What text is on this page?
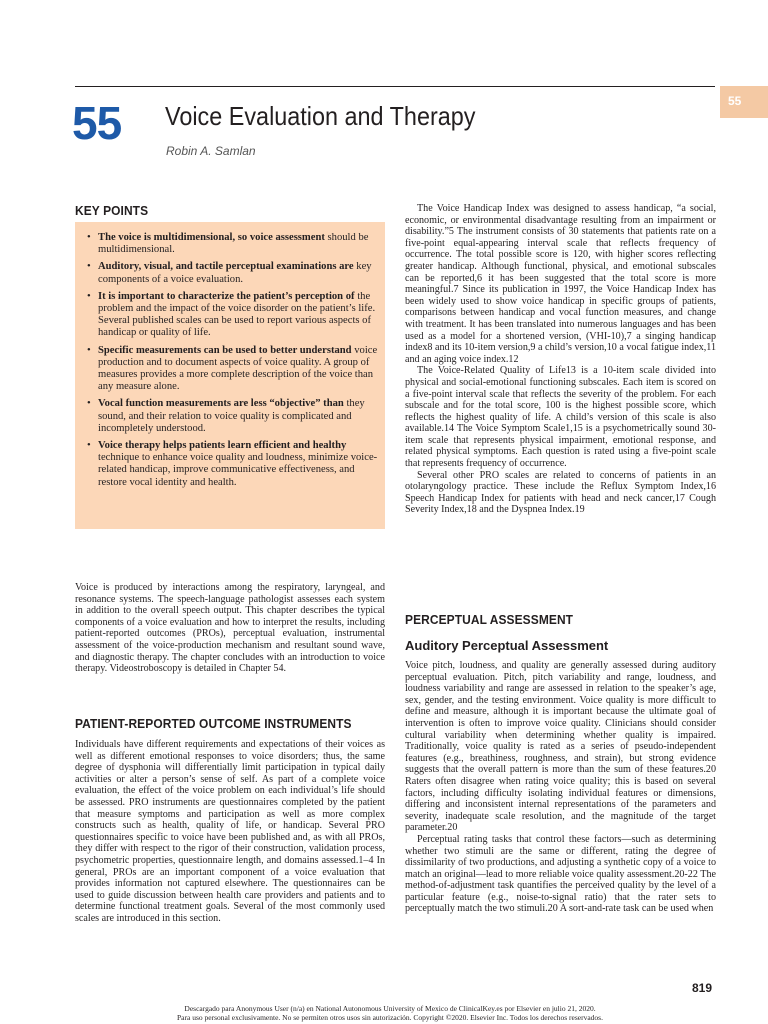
55
55 Voice Evaluation and Therapy
Robin A. Samlan
KEY POINTS
• The voice is multidimensional, so voice assessment should be multidimensional.
• Auditory, visual, and tactile perceptual examinations are key components of a voice evaluation.
• It is important to characterize the patient’s perception of the problem and the impact of the voice disorder on the patient’s life. Several published scales can be used to report various aspects of handicap or quality of life.
• Specific measurements can be used to better understand voice production and to document aspects of voice quality. A group of measures provides a more complete description of the voice than any measure alone.
• Vocal function measurements are less “objective” than they sound, and their relation to voice quality is complicated and incompletely understood.
• Voice therapy helps patients learn efficient and healthy technique to enhance voice quality and loudness, minimize voice-related handicap, improve communicative effectiveness, and restore vocal identity and health.

Voice is produced by interactions among the respiratory, laryngeal, and resonance systems. The speech-language pathologist assesses each system in addition to the overall speech output. This chapter describes the typical components of a voice evaluation and how to interpret the results, including patient-reported outcomes (PROs), perceptual evaluation, instrumental assessment of the voice-production mechanism and resultant sound wave, and diagnostic therapy. The chapter concludes with an introduction to voice therapy. Videostroboscopy is detailed in Chapter 54.

PATIENT-REPORTED OUTCOME INSTRUMENTS

Individuals have different requirements and expectations of their voices as well as different emotional responses to voice disorders; thus, the same degree of dysphonia will differentially limit participation in typical daily activities or alter a person’s sense of self. As part of a complete voice evaluation, the effect of the voice problem on each individual’s life should be assessed. PRO instruments are questionnaires completed by the patient that measure symptoms and participation as well as more complex constructs such as health, quality of life, or handicap. Several PRO questionnaires specific to voice have been published and, as with all PROs, they differ with respect to the rigor of their construction, validation process, psychometric properties, questionnaire length, and domains assessed.1–4 In general, PROs are an important component of a voice evaluation that provides information not captured elsewhere. The questionnaires can be used to guide discussion between health care providers and patients and to determine functional treatment goals. Several of the most commonly used scales are introduced in this section.

The Voice Handicap Index was designed to assess handicap, “a social, economic, or environmental disadvantage resulting from an impairment or disability.”5 The instrument consists of 30 statements that patients rate on a five-point equal-appearing interval scale that reflects frequency of occurrence. The total possible score is 120, with higher scores reflecting greater handicap. Although functional, physical, and emotional subscales can be reported,6 it has been suggested that the total score is more meaningful.7 Since its publication in 1997, the Voice Handicap Index has been widely used to show voice handicap in specific groups of patients, comparisons between handicap and vocal function measures, and change with treatment. It has been translated into numerous languages and has been used as a model for a shortened version, (VHI-10),7 a singing handicap index8 and its 10-item version,9 a child’s version,10 a vocal fatigue index,11 and an aging voice index.12

The Voice-Related Quality of Life13 is a 10-item scale divided into physical and social-emotional functioning subscales. Each item is scored on a five-point interval scale that reflects the severity of the problem. For each subscale and for the total score, 100 is the highest possible score, which reflects the highest quality of life. A child’s version of this scale is also available.14 The Voice Symptom Scale1,15 is a psychometrically sound 30-item scale that represents physical impairment, emotional response, and related physical symptoms. Each question is rated using a five-point scale that represents frequency of occurrence.

Several other PRO scales are related to concerns of patients in an otolaryngology practice. These include the Reflux Symptom Index,16 Speech Handicap Index for patients with head and neck cancer,17 Cough Severity Index,18 and the Dyspnea Index.19

PERCEPTUAL ASSESSMENT
Auditory Perceptual Assessment

Voice pitch, loudness, and quality are generally assessed during auditory perceptual evaluation. Pitch, pitch variability and range, loudness, and loudness variability and range are assessed in relation to the speaker’s age, sex, gender, and the testing environment. Voice quality is more difficult to define and measure, although it is important because the ultimate goal of intervention is often to improve voice quality. Clinicians should consider cultural variability when determining whether quality is impaired. Traditionally, voice quality is rated as a series of pseudo-independent features (e.g., breathiness, roughness, and strain), but strong evidence suggests that the overall pattern is more than the sum of these features.20 Raters often disagree when rating voice quality; this is based on several factors, including difficulty isolating individual features or dimensions, differing and inconsistent internal representations of the parameters and severity, inadequate scale resolution, and the magnitude of the target parameter.20

Perceptual rating tasks that control these factors—such as determining whether two stimuli are the same or different, rating the degree of dissimilarity of two productions, and adjusting a synthetic copy of a voice to match an original—lead to more reliable voice quality assessment.20-22 The method-of-adjustment task quantifies the perceived quality by the level of a particular feature (e.g., noise-to-signal ratio) that the rater sets to perceptually match the two stimuli.20 A sort-and-rate task can be used when

819
Descargado para Anonymous User (n/a) en National Autonomous University of Mexico de ClinicalKey.es por Elsevier en julio 21, 2020.
Para uso personal exclusivamente. No se permiten otros usos sin autorización. Copyright ©2020. Elsevier Inc. Todos los derechos reservados.
